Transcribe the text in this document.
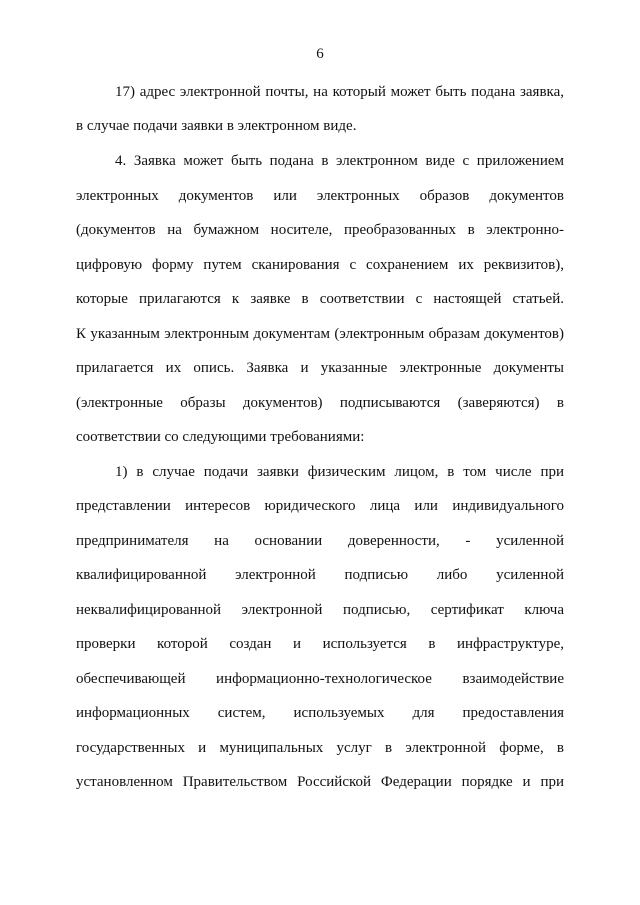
6
17) адрес электронной почты, на который может быть подана заявка,
в случае подачи заявки в электронном виде.
4. Заявка может быть подана в электронном виде с приложением
электронных документов или электронных образов документов
(документов на бумажном носителе, преобразованных в электронно-
цифровую форму путем сканирования с сохранением их реквизитов),
которые прилагаются к заявке в соответствии с настоящей статьей.
К указанным электронным документам (электронным образам документов)
прилагается их опись. Заявка и указанные электронные документы
(электронные образы документов) подписываются (заверяются) в
соответствии со следующими требованиями:
1) в случае подачи заявки физическим лицом, в том числе при
представлении интересов юридического лица или индивидуального
предпринимателя на основании доверенности, - усиленной
квалифицированной электронной подписью либо усиленной
неквалифицированной электронной подписью, сертификат ключа
проверки которой создан и используется в инфраструктуре,
обеспечивающей информационно-технологическое взаимодействие
информационных систем, используемых для предоставления
государственных и муниципальных услуг в электронной форме, в
установленном Правительством Российской Федерации порядке и при
